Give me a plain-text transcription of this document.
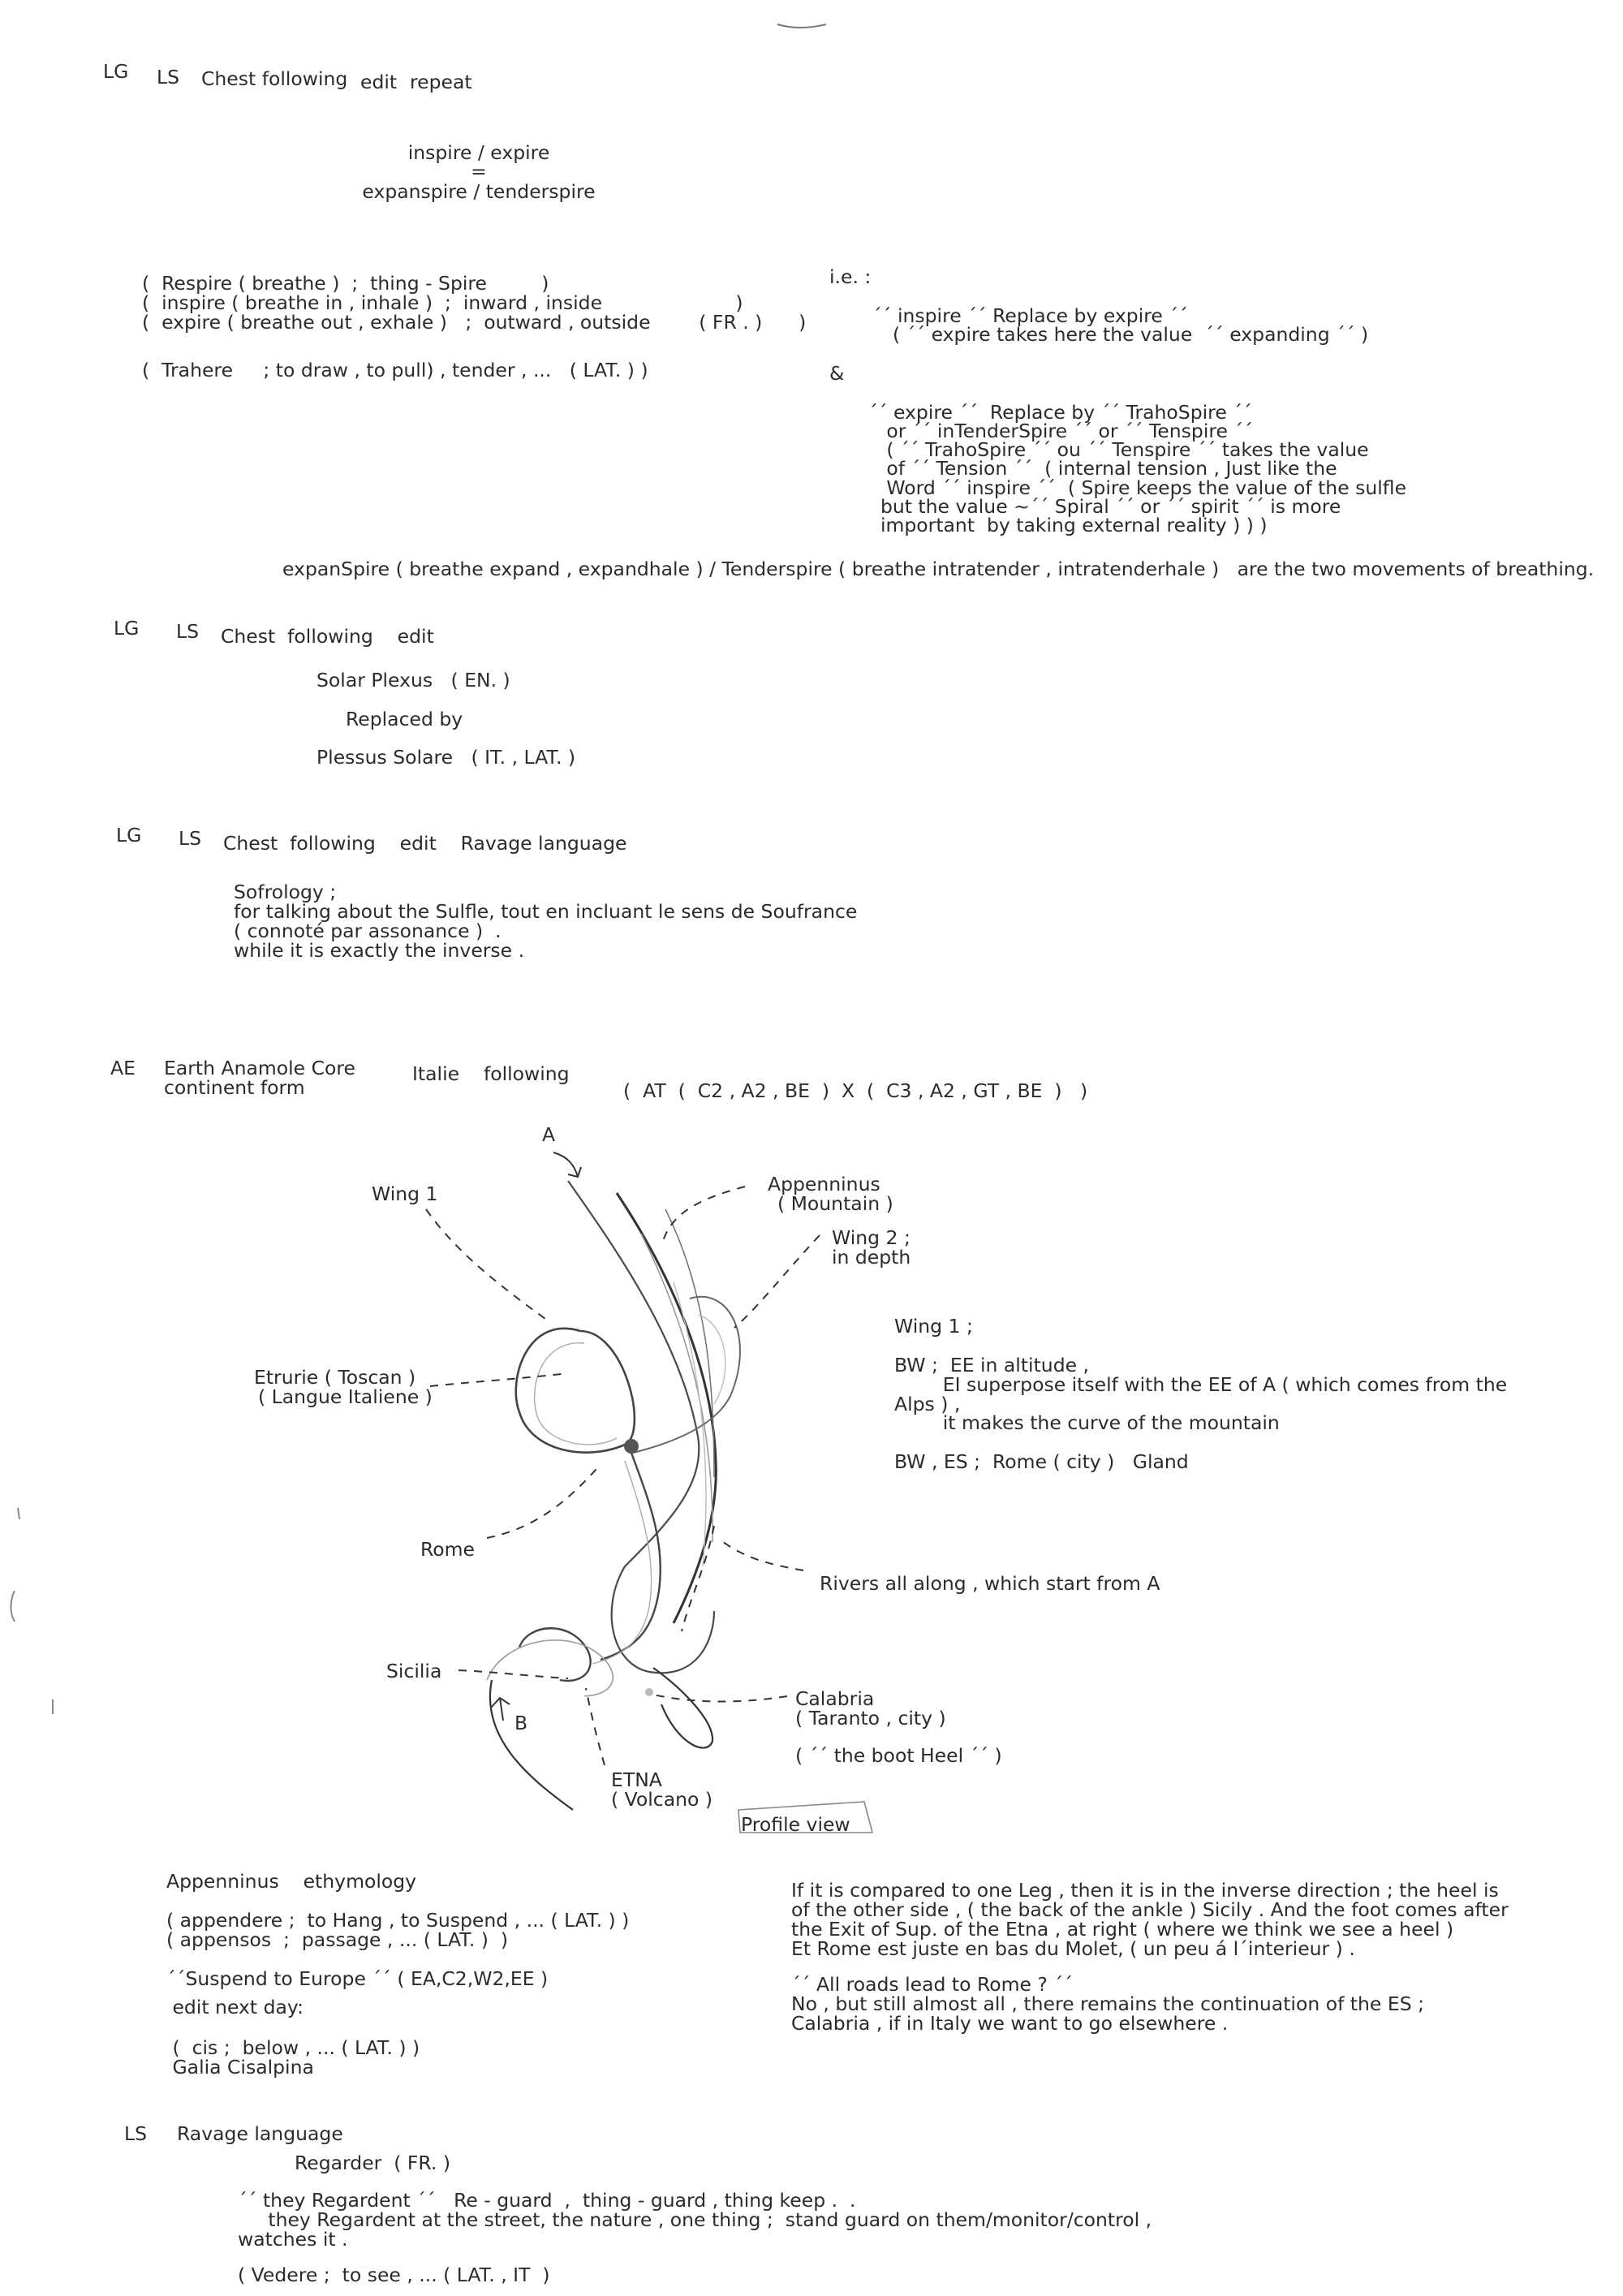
LG LS Chest following edit repeat
inspire / expire
=
expanspire / tenderspire
(  Respire ( breathe )  ;  thing - Spire         )
(  inspire ( breathe in , inhale )  ;  inward , inside                      )
(  expire ( breathe out , exhale )   ;  outward , outside        ( FR . )      )
(  Trahere     ; to draw , to pull) , tender , ...   ( LAT. ) )
i.e. :
´´ inspire ´´ Replace by expire ´´
( ´´ expire takes here the value  ´´ expanding ´´ )
&
´´ expire ´´  Replace by ´´ TrahoSpire ´´
or ´´ inTenderSpire ´´ or ´´ Tenspire ´´
( ´´ TrahoSpire ´´ ou ´´ Tenspire ´´ takes the value
of ´´ Tension ´´  ( internal tension , Just like the
Word ´´ inspire ´´  ( Spire keeps the value of the sulfle
but the value ~´´ Spiral ´´ or ´´ spirit ´´ is more
important  by taking external reality ) ) )
expanSpire ( breathe expand , expandhale ) / Tenderspire ( breathe intratender , intratenderhale )   are the two movements of breathing.
LG LS Chest  following    edit
Solar Plexus   ( EN. )
Replaced by
Plessus Solare   ( IT. , LAT. )
LG LS Chest  following    edit    Ravage language
Sofrology ;
for talking about the Sulfle, tout en incluant le sens de Soufrance
( connoté par assonance )  .
while it is exactly the inverse .
AE Earth Anamole Core
continent form
Italie    following
(  AT  (  C2 , A2 , BE  )  X  (  C3 , A2 , GT , BE  )   )
A
B
Wing 1	Appenninus
( Mountain )
Wing 2 ;
in depth
Etrurie ( Toscan )
( Langue Italiene )
Rome
Rivers all along , which start from A
Sicilia
Calabria
( Taranto , city )
( ´´ the boot Heel ´´ )
ETNA
( Volcano )
Profile view
Wing 1 ;
BW ;  EE in altitude ,
EI superpose itself with the EE of A ( which comes from the
Alps ) ,
it makes the curve of the mountain
BW , ES ;  Rome ( city )   Gland
Appenninus    ethymology
( appendere ;  to Hang , to Suspend , ... ( LAT. ) )
( appensos  ;  passage , ... ( LAT. )  )
´´Suspend to Europe ´´ ( EA,C2,W2,EE )
edit next day:
(  cis ;  below , ... ( LAT. ) )
Galia Cisalpina
If it is compared to one Leg , then it is in the inverse direction ; the heel is
of the other side , ( the back of the ankle ) Sicily . And the foot comes after
the Exit of Sup. of the Etna , at right ( where we think we see a heel )
Et Rome est juste en bas du Molet, ( un peu á l´interieur ) .
´´ All roads lead to Rome ? ´´
No , but still almost all , there remains the continuation of the ES ;
Calabria , if in Italy we want to go elsewhere .
LS Ravage language
Regarder  ( FR. )
´´ they Regardent ´´   Re - guard  ,  thing - guard , thing keep .  .
they Regardent at the street, the nature , one thing ;  stand guard on them/monitor/control ,
watches it .
( Vedere ;  to see , ... ( LAT. , IT  )
